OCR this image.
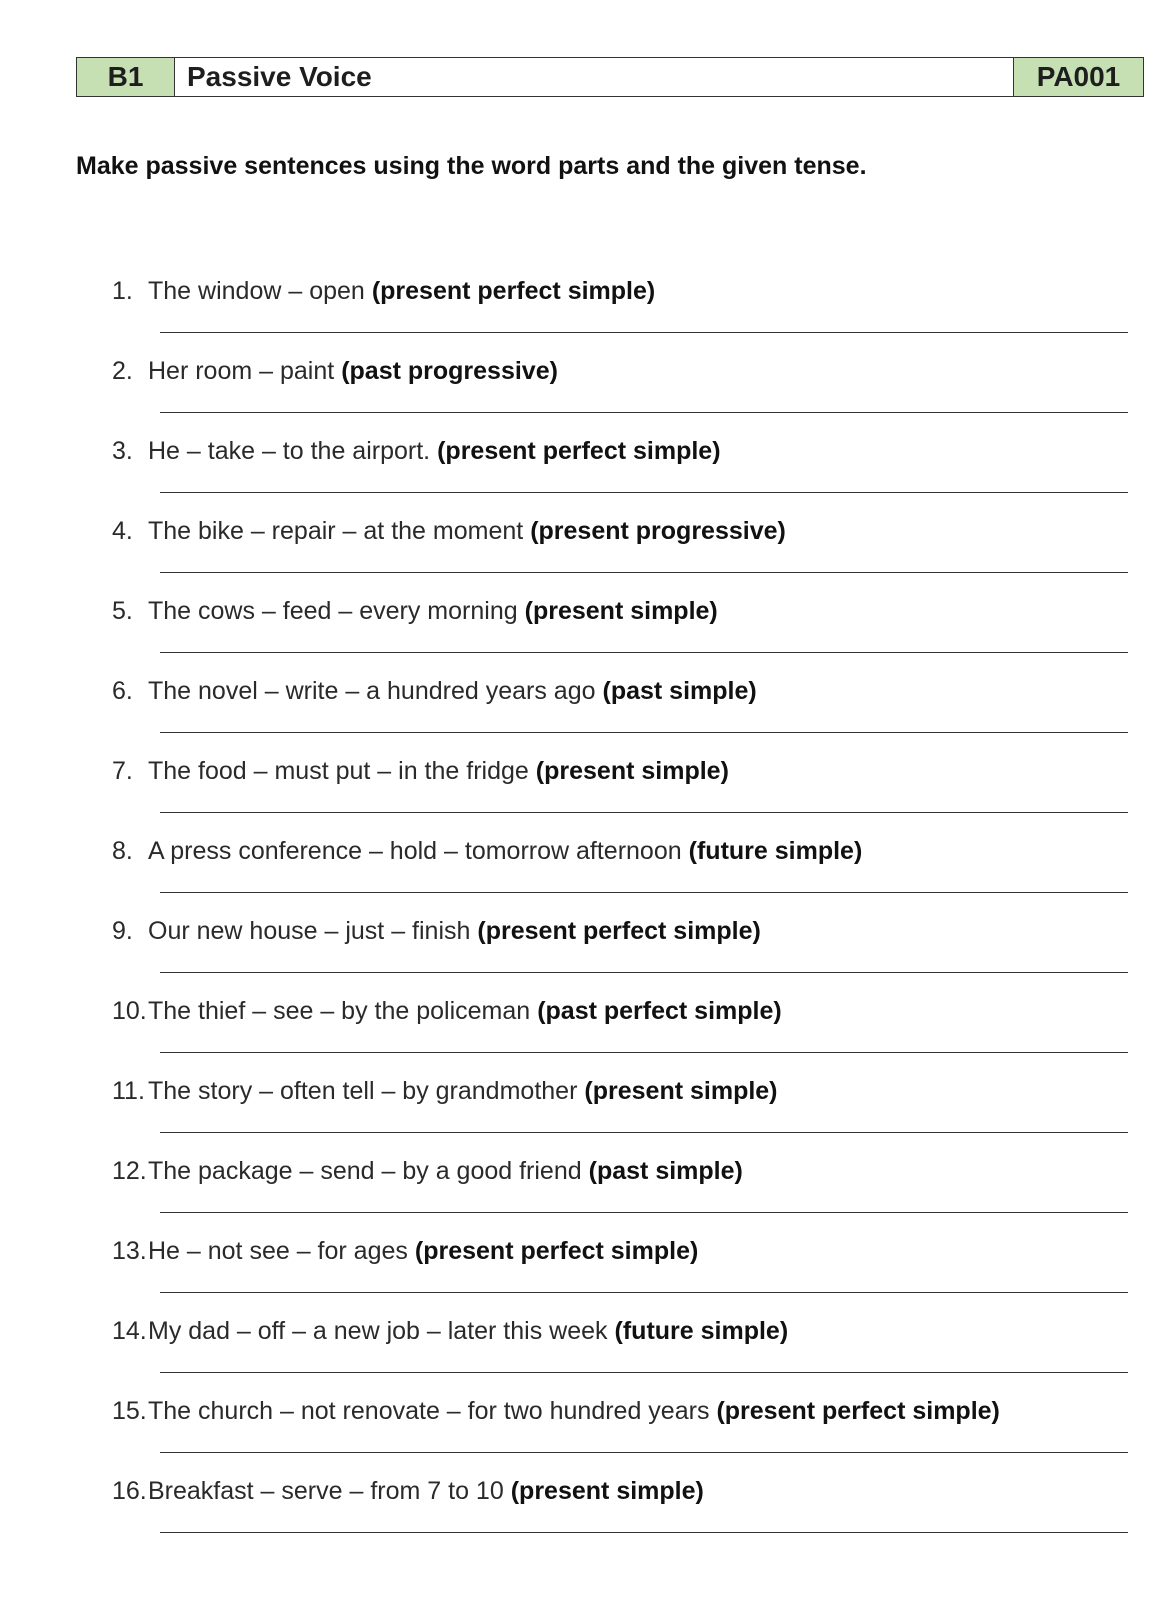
B1	Passive Voice	PA001
Make passive sentences using the word parts and the given tense.
1. The window – open (present perfect simple)
2. Her room – paint (past progressive)
3. He – take – to the airport. (present perfect simple)
4. The bike – repair – at the moment (present progressive)
5. The cows – feed – every morning (present simple)
6. The novel – write – a hundred years ago (past simple)
7. The food – must put – in the fridge (present simple)
8. A press conference – hold – tomorrow afternoon (future simple)
9. Our new house – just – finish (present perfect simple)
10. The thief – see – by the policeman (past perfect simple)
11. The story – often tell – by grandmother (present simple)
12. The package – send – by a good friend (past simple)
13. He – not see – for ages (present perfect simple)
14. My dad – off – a new job – later this week (future simple)
15. The church – not renovate – for two hundred years (present perfect simple)
16. Breakfast – serve – from 7 to 10 (present simple)
